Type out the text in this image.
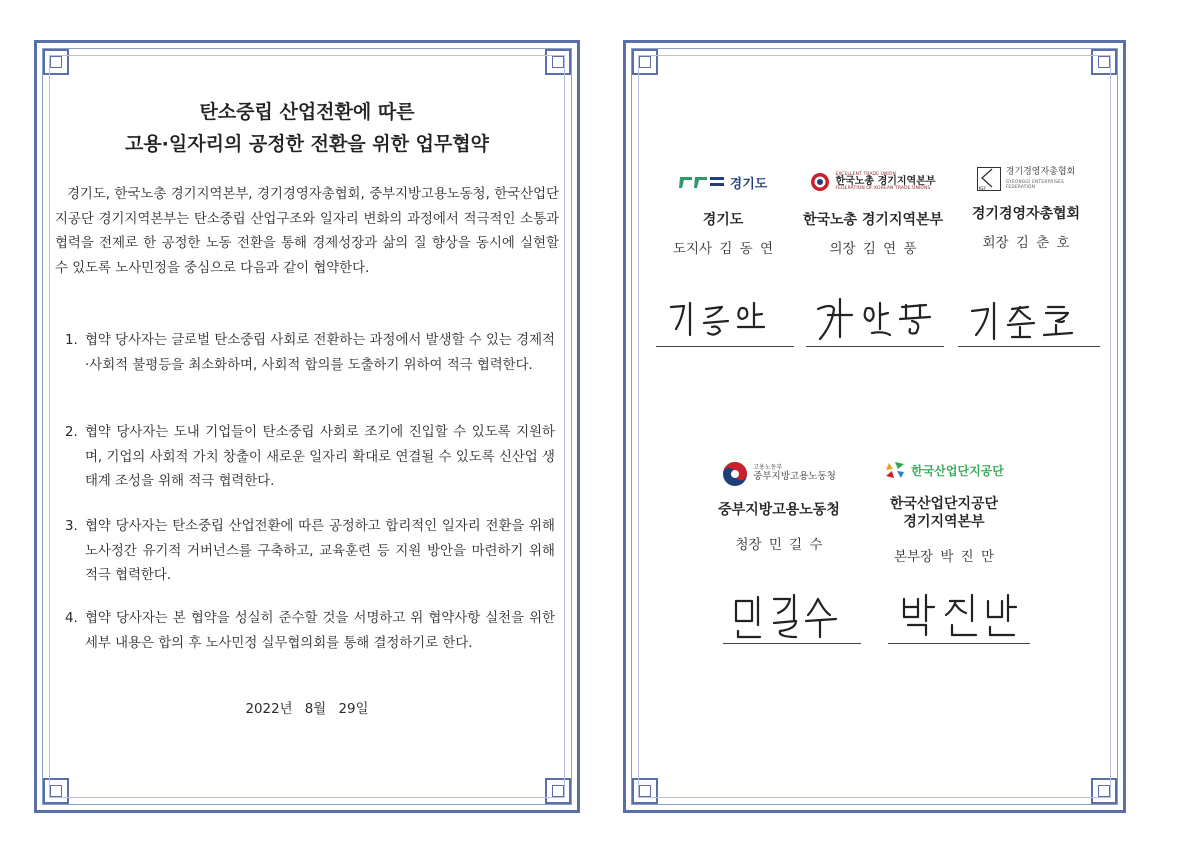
탄소중립 산업전환에 따른
고용·일자리의 공정한 전환을 위한 업무협약
경기도, 한국노총 경기지역본부, 경기경영자총협회, 중부지방고용노동청, 한국산업단지공단 경기지역본부는 탄소중립 산업구조와 일자리 변화의 과정에서 적극적인 소통과 협력을 전제로 한 공정한 노동 전환을 통해 경제성장과 삶의 질 향상을 동시에 실현할 수 있도록 노사민정을 중심으로 다음과 같이 협약한다.
1. 협약 당사자는 글로벌 탄소중립 사회로 전환하는 과정에서 발생할 수 있는 경제적·사회적 불평등을 최소화하며, 사회적 합의를 도출하기 위하여 적극 협력한다.
2. 협약 당사자는 도내 기업들이 탄소중립 사회로 조기에 진입할 수 있도록 지원하며, 기업의 사회적 가치 창출이 새로운 일자리 확대로 연결될 수 있도록 신산업 생태계 조성을 위해 적극 협력한다.
3. 협약 당사자는 탄소중립 산업전환에 따른 공정하고 합리적인 일자리 전환을 위해 노사정간 유기적 거버넌스를 구축하고, 교육훈련 등 지원 방안을 마련하기 위해 적극 협력한다.
4. 협약 당사자는 본 협약을 성실히 준수할 것을 서명하고 위 협약사항 실천을 위한 세부 내용은 합의 후 노사민정 실무협의회를 통해 결정하기로 한다.
2022년 8월 29일
경기도
경기도
도지사 김 동 연
EXCELLENT TRADE UNION
한국노총 경기지역본부
FEDERATION OF KOREAN TRADE UNIONS
한국노총 경기지역본부
의장 김 연 풍
KEF
경기경영자총협회
GYEONGGI ENTERPRISES FEDERATION
경기경영자총협회
회장 김 춘 호
고용노동부
중부지방고용노동청
중부지방고용노동청
청장 민 길 수
한국산업단지공단
한국산업단지공단
경기지역본부
본부장 박 진 만
